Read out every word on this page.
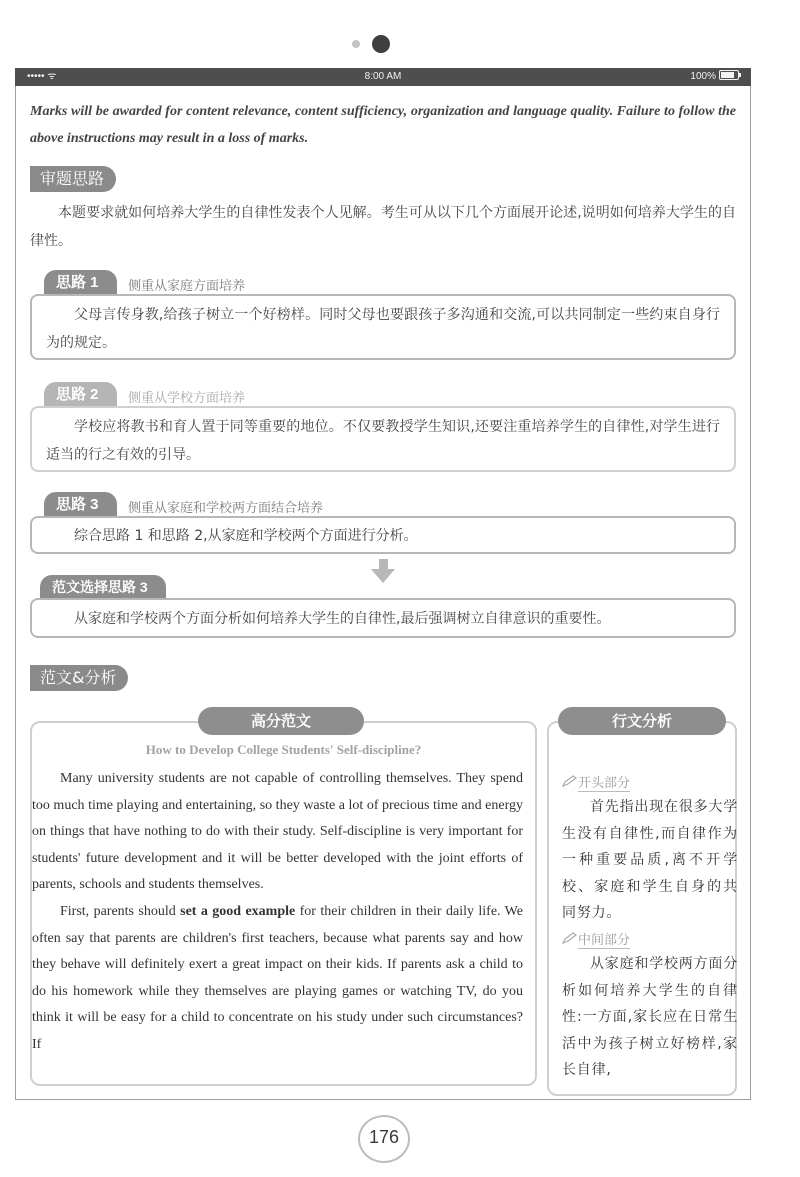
••••• ᯤ	8:00 AM	100%
Marks will be awarded for content relevance, content sufficiency, organization and language quality. Failure to follow the above instructions may result in a loss of marks.
审题思路
本题要求就如何培养大学生的自律性发表个人见解。考生可从以下几个方面展开论述,说明如何培养大学生的自律性。
思路 1	侧重从家庭方面培养
父母言传身教,给孩子树立一个好榜样。同时父母也要跟孩子多沟通和交流,可以共同制定一些约束自身行为的规定。
思路 2	侧重从学校方面培养
学校应将教书和育人置于同等重要的地位。不仅要教授学生知识,还要注重培养学生的自律性,对学生进行适当的行之有效的引导。
思路 3	侧重从家庭和学校两方面结合培养
综合思路 1 和思路 2,从家庭和学校两个方面进行分析。
范文选择思路 3
从家庭和学校两个方面分析如何培养大学生的自律性,最后强调树立自律意识的重要性。
范文&分析
高分范文
How to Develop College Students' Self-discipline?

Many university students are not capable of controlling themselves. They spend too much time playing and entertaining, so they waste a lot of precious time and energy on things that have nothing to do with their study. Self-discipline is very important for students' future development and it will be better developed with the joint efforts of parents, schools and students themselves.

First, parents should set a good example for their children in their daily life. We often say that parents are children's first teachers, because what parents say and how they behave will definitely exert a great impact on their kids. If parents ask a child to do his homework while they themselves are playing games or watching TV, do you think it will be easy for a child to concentrate on his study under such circumstances? If

行文分析
开头部分
首先指出现在很多大学生没有自律性,而自律作为一种重要品质,离不开学校、家庭和学生自身的共同努力。
中间部分
从家庭和学校两方面分析如何培养大学生的自律性:一方面,家长应在日常生活中为孩子树立好榜样,家长自律,
176
